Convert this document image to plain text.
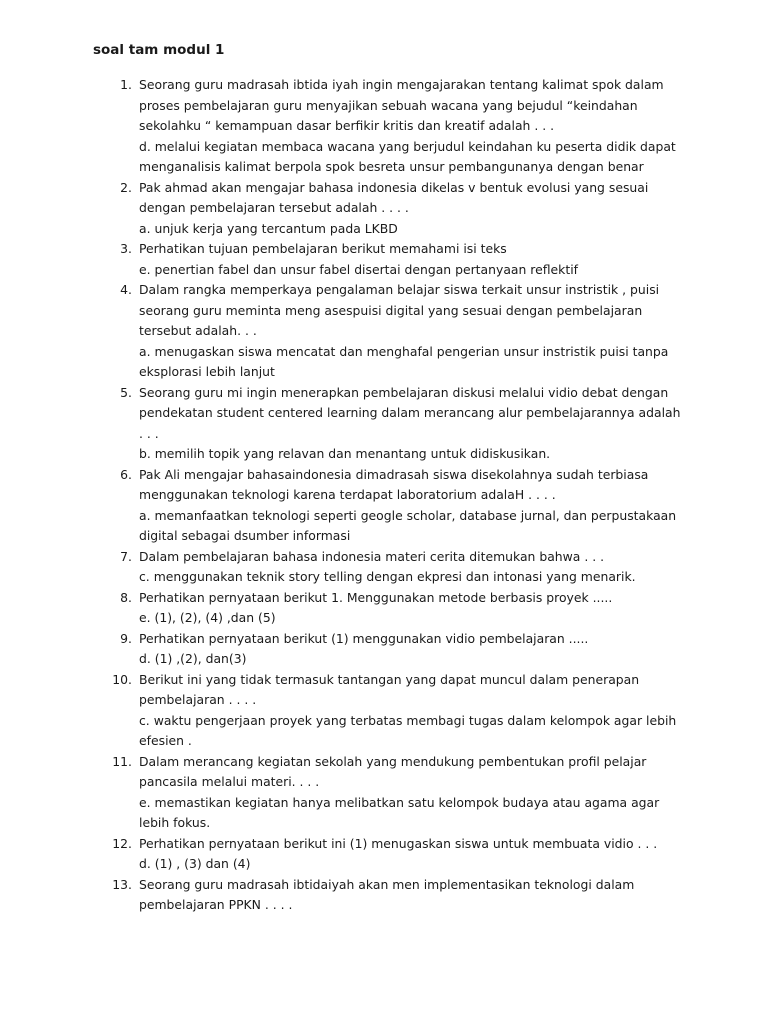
soal tam modul 1
1. Seorang guru madrasah ibtida iyah ingin mengajarakan tentang kalimat spok dalam proses pembelajaran guru menyajikan sebuah wacana yang bejudul “keindahan sekolahku “ kemampuan dasar berfikir kritis dan kreatif adalah . . .
d. melalui kegiatan membaca wacana yang berjudul keindahan ku peserta didik dapat menganalisis kalimat berpola spok besreta unsur pembangunanya dengan benar
2. Pak ahmad akan mengajar bahasa indonesia dikelas v bentuk evolusi yang sesuai dengan pembelajaran tersebut adalah . . . .
a. unjuk kerja yang tercantum pada LKBD
3. Perhatikan tujuan pembelajaran berikut memahami isi teks
e. penertian fabel dan unsur fabel disertai dengan pertanyaan reflektif
4. Dalam rangka memperkaya pengalaman belajar siswa terkait unsur instristik , puisi seorang guru meminta meng asespuisi digital yang sesuai dengan pembelajaran tersebut adalah. . .
a. menugaskan siswa mencatat dan menghafal pengerian unsur instristik puisi tanpa eksplorasi lebih lanjut
5. Seorang guru mi ingin menerapkan pembelajaran diskusi melalui vidio debat dengan pendekatan student centered learning dalam merancang alur pembelajarannya adalah . . .
b. memilih topik yang relavan dan menantang untuk didiskusikan.
6. Pak Ali mengajar bahasaindonesia dimadrasah siswa disekolahnya sudah terbiasa menggunakan teknologi karena terdapat laboratorium adalaH . . . .
a. memanfaatkan teknologi seperti geogle scholar, database jurnal, dan perpustakaan digital sebagai dsumber informasi
7. Dalam pembelajaran bahasa indonesia materi cerita ditemukan bahwa . . .
c. menggunakan teknik story telling dengan ekpresi dan intonasi yang menarik.
8. Perhatikan pernyataan berikut 1. Menggunakan metode berbasis proyek .....
e. (1), (2), (4) ,dan (5)
9. Perhatikan pernyataan berikut (1) menggunakan vidio pembelajaran .....
d. (1) ,(2), dan(3)
10. Berikut ini yang tidak termasuk tantangan yang dapat muncul dalam penerapan pembelajaran . . . .
c. waktu pengerjaan proyek yang terbatas membagi tugas dalam kelompok agar lebih efesien .
11. Dalam merancang kegiatan sekolah yang mendukung pembentukan profil pelajar pancasila melalui materi. . . .
e. memastikan kegiatan hanya melibatkan satu kelompok budaya atau agama agar lebih fokus.
12. Perhatikan pernyataan berikut ini (1) menugaskan siswa untuk membuata vidio . . .
d. (1) , (3) dan (4)
13. Seorang guru madrasah ibtidaiyah akan men implementasikan teknologi dalam pembelajaran PPKN . . . .
